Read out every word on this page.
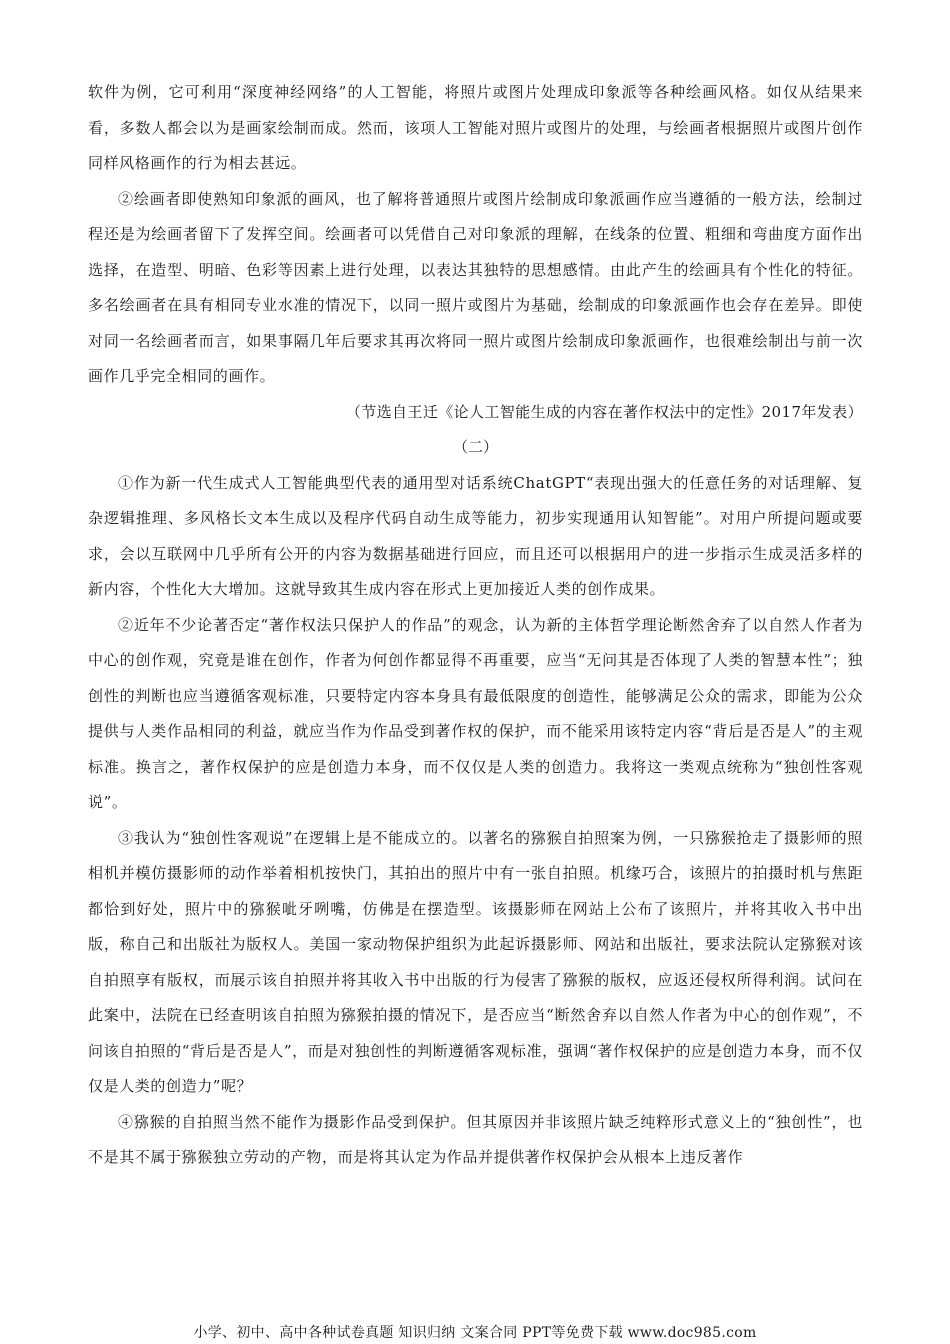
软件为例，它可利用“深度神经网络”的人工智能，将照片或图片处理成印象派等各种绘画风格。如仅从结果来看，多数人都会以为是画家绘制而成。然而，该项人工智能对照片或图片的处理，与绘画者根据照片或图片创作同样风格画作的行为相去甚远。

②绘画者即使熟知印象派的画风，也了解将普通照片或图片绘制成印象派画作应当遵循的一般方法，绘制过程还是为绘画者留下了发挥空间。绘画者可以凭借自己对印象派的理解，在线条的位置、粗细和弯曲度方面作出选择，在造型、明暗、色彩等因素上进行处理，以表达其独特的思想感情。由此产生的绘画具有个性化的特征。多名绘画者在具有相同专业水准的情况下，以同一照片或图片为基础，绘制成的印象派画作也会存在差异。即使对同一名绘画者而言，如果事隔几年后要求其再次将同一照片或图片绘制成印象派画作，也很难绘制出与前一次画作几乎完全相同的画作。

（节选自王迁《论人工智能生成的内容在著作权法中的定性》2017年发表）

（二）

①作为新一代生成式人工智能典型代表的通用型对话系统ChatGPT“表现出强大的任意任务的对话理解、复杂逻辑推理、多风格长文本生成以及程序代码自动生成等能力，初步实现通用认知智能”。对用户所提问题或要求，会以互联网中几乎所有公开的内容为数据基础进行回应，而且还可以根据用户的进一步指示生成灵活多样的新内容，个性化大大增加。这就导致其生成内容在形式上更加接近人类的创作成果。

②近年不少论著否定“著作权法只保护人的作品”的观念，认为新的主体哲学理论断然舍弃了以自然人作者为中心的创作观，究竟是谁在创作，作者为何创作都显得不再重要，应当“无问其是否体现了人类的智慧本性”；独创性的判断也应当遵循客观标准，只要特定内容本身具有最低限度的创造性，能够满足公众的需求，即能为公众提供与人类作品相同的利益，就应当作为作品受到著作权的保护，而不能采用该特定内容“背后是否是人”的主观标准。换言之，著作权保护的应是创造力本身，而不仅仅是人类的创造力。我将这一类观点统称为“独创性客观说”。

③我认为“独创性客观说”在逻辑上是不能成立的。以著名的猕猴自拍照案为例，一只猕猴抢走了摄影师的照相机并模仿摄影师的动作举着相机按快门，其拍出的照片中有一张自拍照。机缘巧合，该照片的拍摄时机与焦距都恰到好处，照片中的猕猴呲牙咧嘴，仿佛是在摆造型。该摄影师在网站上公布了该照片，并将其收入书中出版，称自己和出版社为版权人。美国一家动物保护组织为此起诉摄影师、网站和出版社，要求法院认定猕猴对该自拍照享有版权，而展示该自拍照并将其收入书中出版的行为侵害了猕猴的版权，应返还侵权所得利润。试问在此案中，法院在已经查明该自拍照为猕猴拍摄的情况下，是否应当“断然舍弃以自然人作者为中心的创作观”，不问该自拍照的“背后是否是人”，而是对独创性的判断遵循客观标准，强调“著作权保护的应是创造力本身，而不仅仅是人类的创造力”呢？

④猕猴的自拍照当然不能作为摄影作品受到保护。但其原因并非该照片缺乏纯粹形式意义上的“独创性”，也不是其不属于猕猴独立劳动的产物，而是将其认定为作品并提供著作权保护会从根本上违反著作

小学、初中、高中各种试卷真题 知识归纳 文案合同 PPT等免费下载 www.doc985.com
